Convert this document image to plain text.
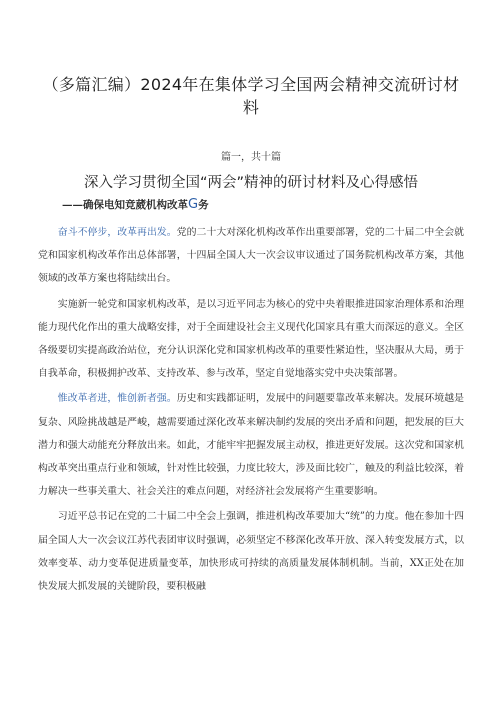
（多篇汇编）2024年在集体学习全国两会精神交流研讨材料
篇一，共十篇
深入学习贯彻全国“两会”精神的研讨材料及心得感悟
——确保电知竞葳机构改革G务

奋斗不停步，改革再出发。党的二十大对深化机构改革作出重要部署，党的二十届二中全会就党和国家机构改革作出总体部署，十四届全国人大一次会议审议通过了国务院机构改革方案，其他领域的改革方案也将陆续出台。

实施新一轮党和国家机构改革，是以习近平同志为核心的党中央着眼推进国家治理体系和治理能力现代化作出的重大战略安排，对于全面建设社会主义现代化国家具有重大而深远的意义。全区各级要切实提高政治站位，充分认识深化党和国家机构改革的重要性紧迫性，坚决服从大局，勇于自我革命，积极拥护改革、支持改革、参与改革，坚定自觉地落实党中央决策部署。

惟改革者进，惟创新者强。历史和实践都证明，发展中的问题要靠改革来解决。发展环境越是复杂、风险挑战越是严峻，越需要通过深化改革来解决制约发展的突出矛盾和问题，把发展的巨大潜力和强大动能充分释放出来。如此，才能牢牢把握发展主动权，推进更好发展。这次党和国家机构改革突出重点行业和领域，针对性比较强，力度比较大，涉及面比较广，触及的利益比较深，着力解决一些事关重大、社会关注的难点问题，对经济社会发展将产生重要影响。

习近平总书记在党的二十届二中全会上强调，推进机构改革要加大“统”的力度。他在参加十四届全国人大一次会议江苏代表团审议时强调，必须坚定不移深化改革开放、深入转变发展方式，以效率变革、动力变革促进质量变革，加快形成可持续的高质量发展体制机制。当前，XX正处在加快发展大抓发展的关键阶段，要积极融
